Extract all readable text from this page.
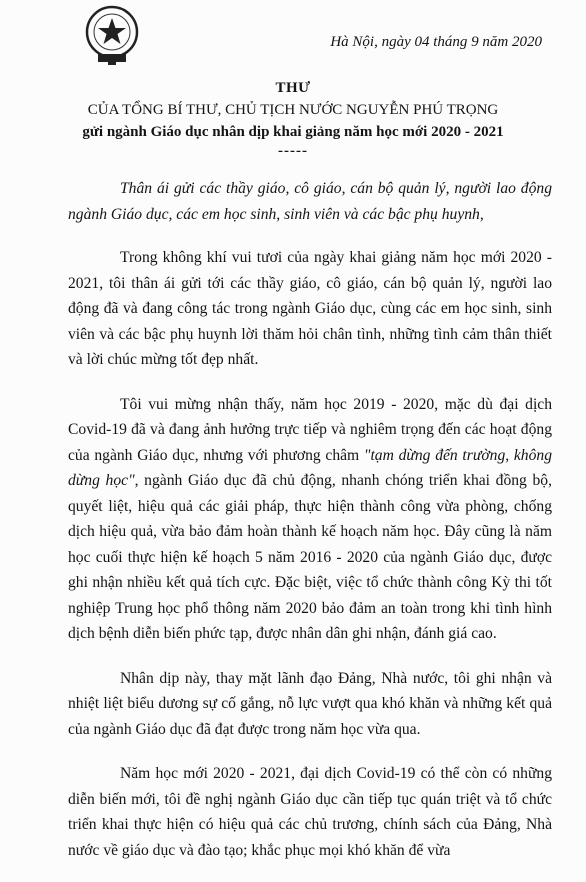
Hà Nội, ngày 04 tháng 9 năm 2020
THƯ
CỦA TỔNG BÍ THƯ, CHỦ TỊCH NƯỚC NGUYỄN PHÚ TRỌNG
gửi ngành Giáo dục nhân dịp khai giảng năm học mới 2020 - 2021
-----

Thân ái gửi các thầy giáo, cô giáo, cán bộ quản lý, người lao động ngành Giáo dục, các em học sinh, sinh viên và các bậc phụ huynh,

Trong không khí vui tươi của ngày khai giảng năm học mới 2020 - 2021, tôi thân ái gửi tới các thầy giáo, cô giáo, cán bộ quản lý, người lao động đã và đang công tác trong ngành Giáo dục, cùng các em học sinh, sinh viên và các bậc phụ huynh lời thăm hỏi chân tình, những tình cảm thân thiết và lời chúc mừng tốt đẹp nhất.

Tôi vui mừng nhận thấy, năm học 2019 - 2020, mặc dù đại dịch Covid-19 đã và đang ảnh hưởng trực tiếp và nghiêm trọng đến các hoạt động của ngành Giáo dục, nhưng với phương châm "tạm dừng đến trường, không dừng học", ngành Giáo dục đã chủ động, nhanh chóng triển khai đồng bộ, quyết liệt, hiệu quả các giải pháp, thực hiện thành công vừa phòng, chống dịch hiệu quả, vừa bảo đảm hoàn thành kế hoạch năm học. Đây cũng là năm học cuối thực hiện kế hoạch 5 năm 2016 - 2020 của ngành Giáo dục, được ghi nhận nhiều kết quả tích cực. Đặc biệt, việc tổ chức thành công Kỳ thi tốt nghiệp Trung học phổ thông năm 2020 bảo đảm an toàn trong khi tình hình dịch bệnh diễn biến phức tạp, được nhân dân ghi nhận, đánh giá cao.

Nhân dịp này, thay mặt lãnh đạo Đảng, Nhà nước, tôi ghi nhận và nhiệt liệt biểu dương sự cố gắng, nỗ lực vượt qua khó khăn và những kết quả của ngành Giáo dục đã đạt được trong năm học vừa qua.

Năm học mới 2020 - 2021, đại dịch Covid-19 có thể còn có những diễn biến mới, tôi đề nghị ngành Giáo dục cần tiếp tục quán triệt và tổ chức triển khai thực hiện có hiệu quả các chủ trương, chính sách của Đảng, Nhà nước về giáo dục và đào tạo; khắc phục mọi khó khăn để vừa
